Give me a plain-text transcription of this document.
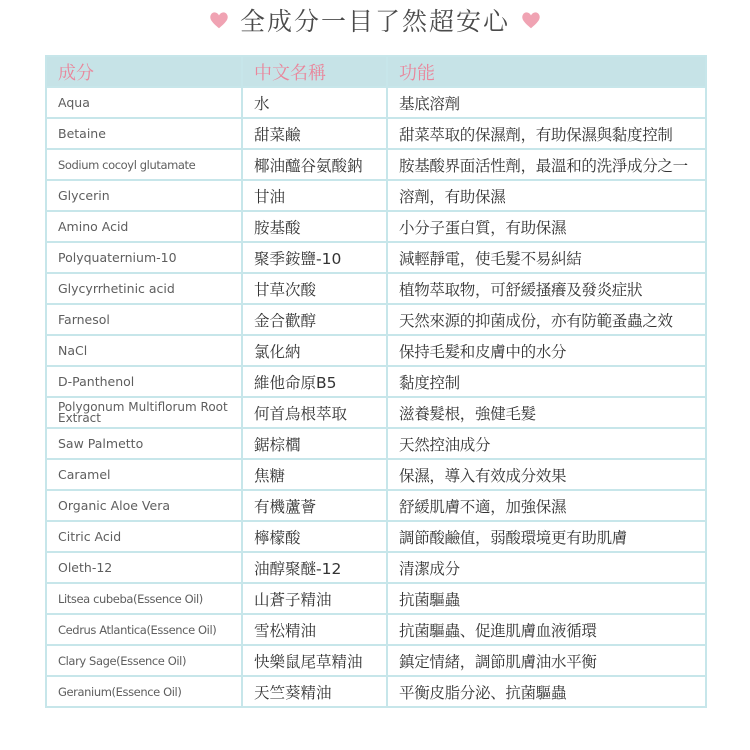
全成分一目了然超安心
成分	中文名稱	功能
Aqua	水	基底溶劑
Betaine	甜菜鹼	甜菜萃取的保濕劑，有助保濕與黏度控制
Sodium cocoyl glutamate	椰油醯谷氨酸鈉	胺基酸界面活性劑，最溫和的洗淨成分之一
Glycerin	甘油	溶劑，有助保濕
Amino Acid	胺基酸	小分子蛋白質，有助保濕
Polyquaternium-10	聚季銨鹽-10	減輕靜電，使毛髮不易糾結
Glycyrrhetinic acid	甘草次酸	植物萃取物，可舒緩搔癢及發炎症狀
Farnesol	金合歡醇	天然來源的抑菌成份，亦有防範蚤蟲之效
NaCl	氯化納	保持毛髮和皮膚中的水分
D-Panthenol	維他命原B5	黏度控制
Polygonum Multiflorum Root Extract	何首烏根萃取	滋養髮根，強健毛髮
Saw Palmetto	鋸棕櫚	天然控油成分
Caramel	焦糖	保濕，導入有效成分效果
Organic Aloe Vera	有機蘆薈	舒緩肌膚不適，加強保濕
Citric Acid	檸檬酸	調節酸鹼值，弱酸環境更有助肌膚
Oleth-12	油醇聚醚-12	清潔成分
Litsea cubeba(Essence Oil)	山蒼子精油	抗菌驅蟲
Cedrus Atlantica(Essence Oil)	雪松精油	抗菌驅蟲、促進肌膚血液循環
Clary Sage(Essence Oil)	快樂鼠尾草精油	鎮定情緒，調節肌膚油水平衡
Geranium(Essence Oil)	天竺葵精油	平衡皮脂分泌、抗菌驅蟲
